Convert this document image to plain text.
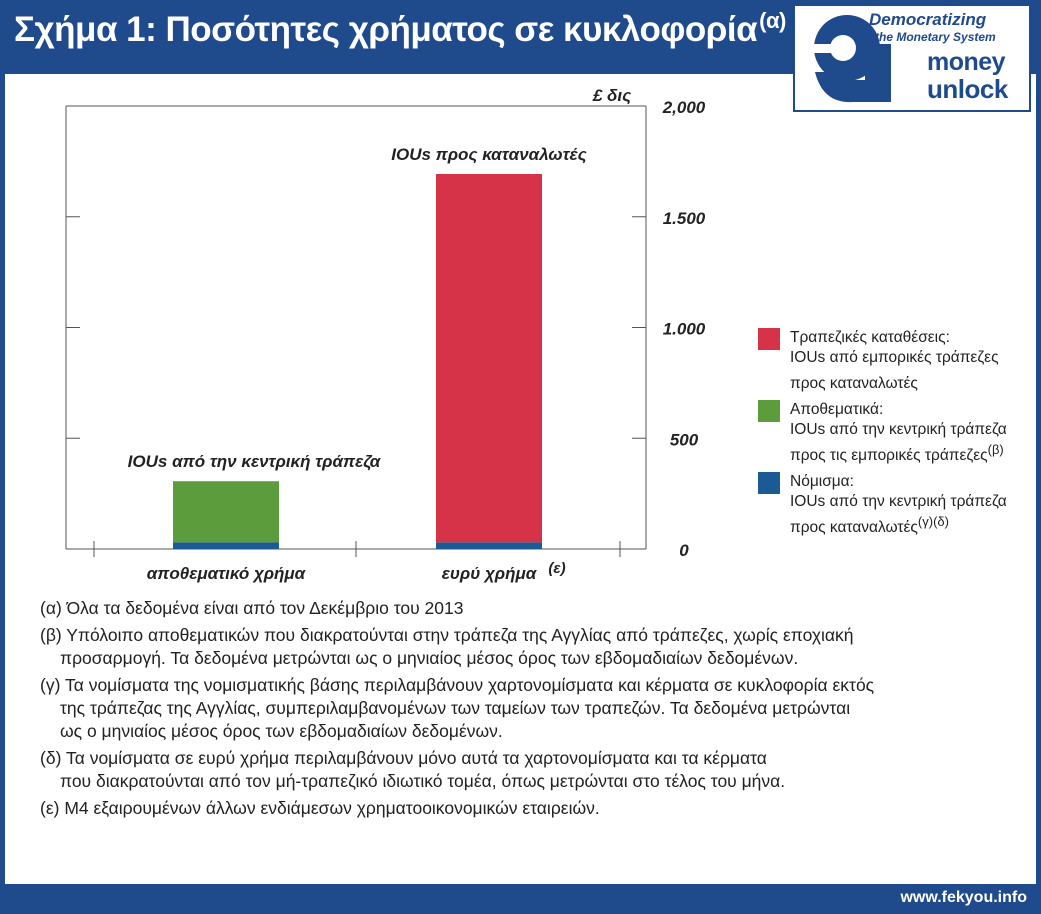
Σχήμα 1: Ποσότητες χρήματος σε κυκλοφορία$^{(\alpha)}$	Democratizing
the Monetary System
money
unlock
0
500
1.000
1.500
2,000
£ δις
IOUs από την κεντρική τράπεζα
αποθεματικό χρήμα
IOUs προς καταναλωτές
ευρύ χρήμα (ε)
Τραπεζικές καταθέσεις:
IOUs από εμπορικές τράπεζες προς καταναλωτές
Αποθεματικά:
IOUs από την κεντρική τράπεζα προς τις εμπορικές τράπεζες$^{(\beta)}$
Νόμισμα:
IOUs από την κεντρική τράπεζα προς καταναλωτές$^{(\gamma)(\delta)}$
(α) Όλα τα δεδομένα είναι από τον Δεκέμβριο του 2013
(β) Υπόλοιπο αποθεματικών που διακρατούνται στην τράπεζα της Αγγλίας από τράπεζες, χωρίς εποχιακή
προσαρμογή. Τα δεδομένα μετρώνται ως ο μηνιαίος μέσος όρος των εβδομαδιαίων δεδομένων.
(γ) Τα νομίσματα της νομισματικής βάσης περιλαμβάνουν χαρτονομίσματα και κέρματα σε κυκλοφορία εκτός
της τράπεζας της Αγγλίας, συμπεριλαμβανομένων των ταμείων των τραπεζών. Τα δεδομένα μετρώνται
ως ο μηνιαίος μέσος όρος των εβδομαδιαίων δεδομένων.
(δ) Τα νομίσματα σε ευρύ χρήμα περιλαμβάνουν μόνο αυτά τα χαρτονομίσματα και τα κέρματα
που διακρατούνται από τον μή-τραπεζικό ιδιωτικό τομέα, όπως μετρώνται στο τέλος του μήνα.
(ε) Μ4 εξαιρουμένων άλλων ενδιάμεσων χρηματοοικονομικών εταιρειών.
www.fekyou.info
